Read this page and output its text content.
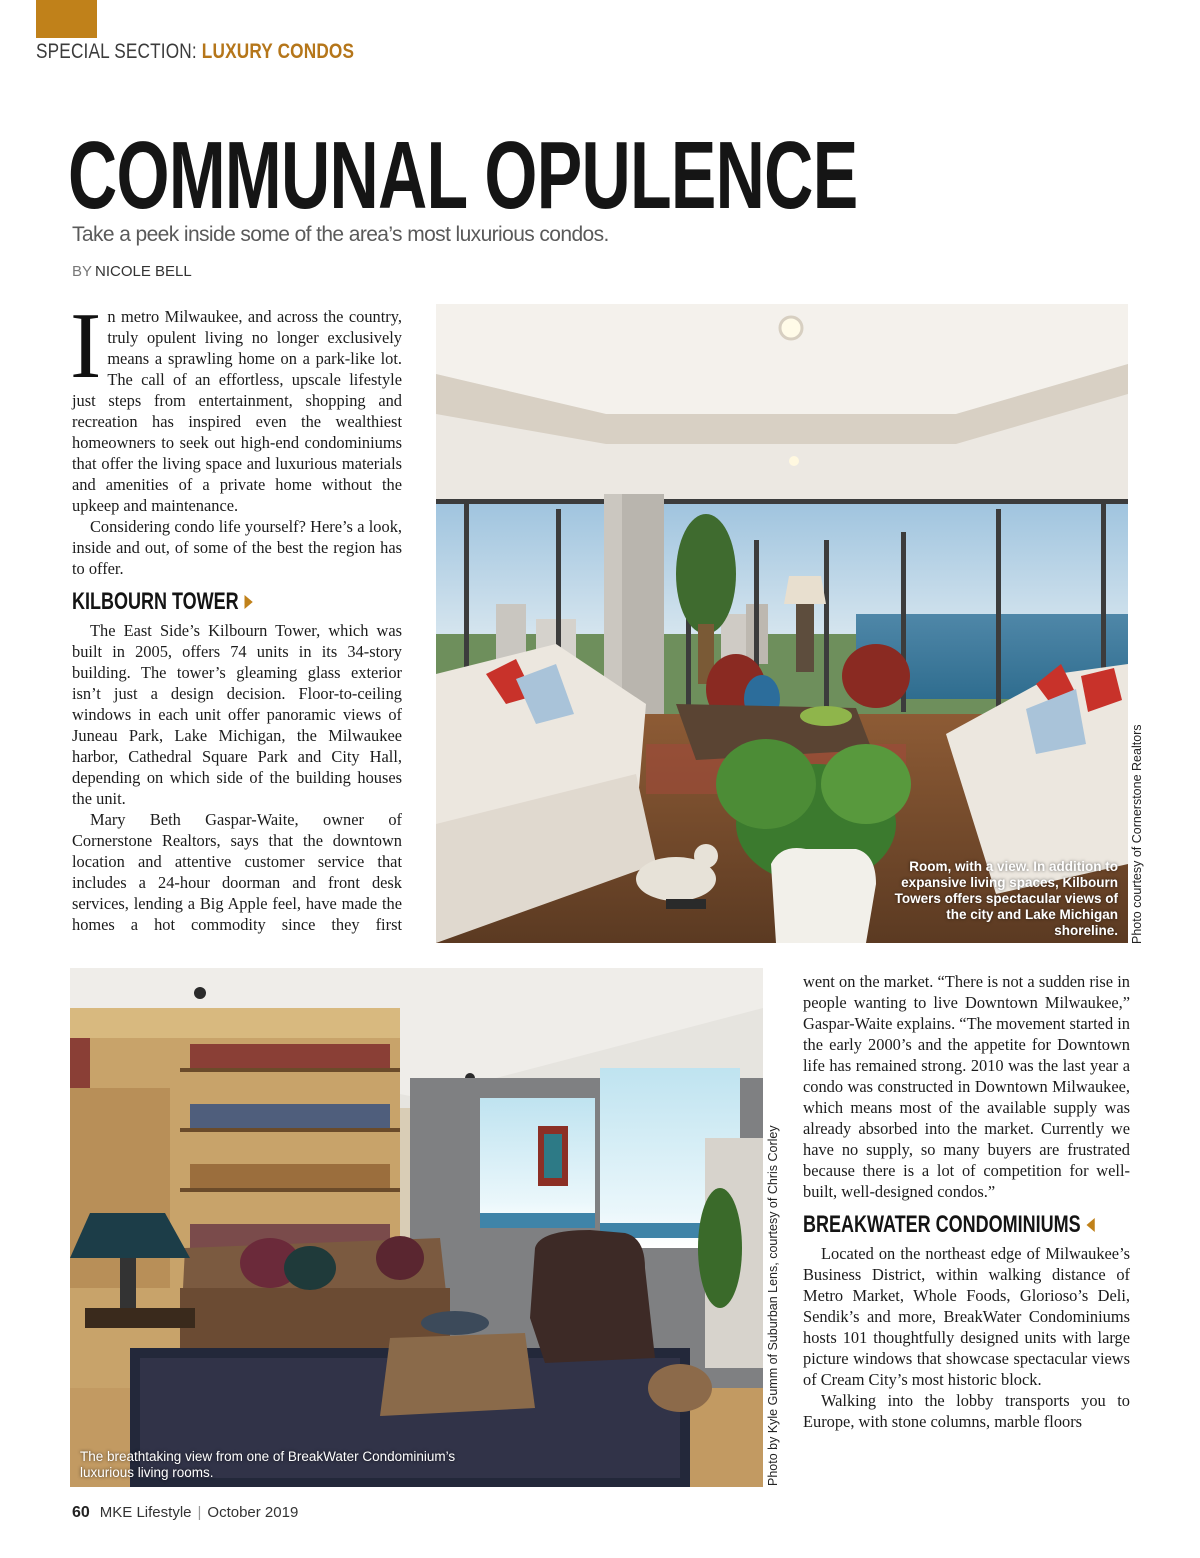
SPECIAL SECTION: LUXURY CONDOS
COMMUNAL OPULENCE
Take a peek inside some of the area’s most luxurious condos.
BY NICOLE BELL

In metro Milwaukee, and across the country, truly opulent living no longer exclusively means a sprawling home on a park-like lot. The call of an effortless, upscale lifestyle just steps from entertainment, shopping and recreation has inspired even the wealthiest homeowners to seek out high-end condominiums that offer the living space and luxurious materials and amenities of a private home without the upkeep and maintenance.

Considering condo life yourself? Here’s a look, inside and out, of some of the best the region has to offer.

KILBOURN TOWER

The East Side’s Kilbourn Tower, which was built in 2005, offers 74 units in its 34-story building. The tower’s gleaming glass exterior isn’t just a design decision. Floor-to-ceiling windows in each unit offer panoramic views of Juneau Park, Lake Michigan, the Milwaukee harbor, Cathedral Square Park and City Hall, depending on which side of the building houses the unit.

Mary Beth Gaspar-Waite, owner of Cornerstone Realtors, says that the downtown location and attentive customer service that includes a 24-hour doorman and front desk services, lending a Big Apple feel, have made the homes a hot commodity since they first

Room, with a view. In addition to expansive living spaces, Kilbourn Towers offers spectacular views of the city and Lake Michigan shoreline. Photo courtesy of Cornerstone Realtors
The breathtaking view from one of BreakWater Condominium’s luxurious living rooms.	Photo by Kyle Gumm of Suburban Lens, courtesy of Chris Corley

went on the market. “There is not a sudden rise in people wanting to live Downtown Milwaukee,” Gaspar-Waite explains. “The movement started in the early 2000’s and the appetite for Downtown life has remained strong. 2010 was the last year a condo was constructed in Downtown Milwaukee, which means most of the available supply was already absorbed into the market. Currently we have no supply, so many buyers are frustrated because there is a lot of competition for well-built, well-designed condos.”

BREAKWATER CONDOMINIUMS

Located on the northeast edge of Milwaukee’s Business District, within walking distance of Metro Market, Whole Foods, Glorioso’s Deli, Sendik’s and more, BreakWater Condominiums hosts 101 thoughtfully designed units with large picture windows that showcase spectacular views of Cream City’s most historic block.

Walking into the lobby transports you to Europe, with stone columns, marble floors

60 MKE Lifestyle | October 2019
